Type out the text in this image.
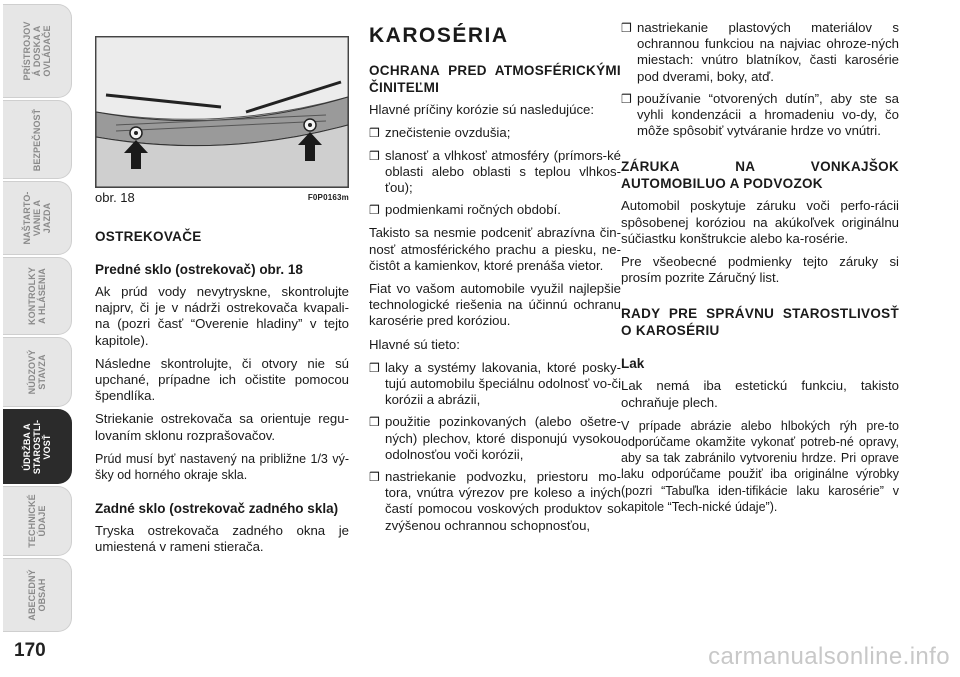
PRÍSTROJOV
Á DOSKA A
OVLÁDAČE
BEZPEČNOSŤ
NAŠTARTO-
VANIE A
JAZDA
KONTROLKY
A HLÁSENIA
NÚDZOVÝ
STAVZA
ÚDRŽBA A
STAROSTLI-
VOSŤ
TECHNICKÉ
ÚDAJE
ABECEDNÝ
OBSAH
170
obr. 18	F0P0163m
OSTREKOVAČE
Predné sklo (ostrekovač) obr. 18

Ak prúd vody nevytryskne, skontrolujte najprv, či je v nádrži ostrekovača kvapali-na (pozri časť “Overenie hladiny” v tejto kapitole).

Následne skontrolujte, či otvory nie sú upchané, prípadne ich očistite pomocou špendlíka.

Striekanie ostrekovača sa orientuje regu-lovaním sklonu rozprašovačov.

Prúd musí byť nastavený na približne 1/3 vý-šky od horného okraje skla.

Zadné sklo (ostrekovač zadného skla)

Tryska ostrekovača zadného okna je umiestená v rameni stierača.

KAROSÉRIA
OCHRANA PRED ATMOSFÉRICKÝMI ČINITEĽMI

Hlavné príčiny korózie sú nasledujúce:

❒ znečistenie ovzdušia;
❒ slanosť a vlhkosť atmosféry (prímors-ké oblasti alebo oblasti s teplou vlhkos-ťou);
❒ podmienkami ročných období.

Takisto sa nesmie podceniť abrazívna čin-nosť atmosférického prachu a piesku, ne-čistôt a kamienkov, ktoré prenáša vietor.

Fiat vo vašom automobile využil najlepšie technologické riešenia na účinnú ochranu karosérie pred koróziou.

Hlavné sú tieto:

❒ laky a systémy lakovania, ktoré posky-tujú automobilu špeciálnu odolnosť vo-či korózii a abrázii,
❒ použitie pozinkovaných (alebo ošetre-ných) plechov, ktoré disponujú vysokou odolnosťou voči korózii,
❒ nastriekanie podvozku, priestoru mo-tora, vnútra výrezov pre koleso a iných častí pomocou voskových produktov so zvýšenou ochrannou schopnosťou,
❒ nastriekanie plastových materiálov s ochrannou funkciou na najviac ohroze-ných miestach: vnútro blatníkov, časti karosérie pod dverami, boky, atď.
❒ používanie “otvorených dutín”, aby ste sa vyhli kondenzácii a hromadeniu vo-dy, čo môže spôsobiť vytváranie hrdze vo vnútri.
ZÁRUKA NA VONKAJŠOK AUTOMOBILUO A PODVOZOK

Automobil poskytuje záruku voči perfo-rácii spôsobenej koróziou na akúkoľvek originálnu súčiastku konštrukcie alebo ka-rosérie.

Pre všeobecné podmienky tejto záruky si prosím pozrite Záručný list.

RADY PRE SPRÁVNU STAROSTLIVOSŤ O KAROSÉRIU
Lak

Lak nemá iba estetickú funkciu, takisto ochraňuje plech.

V prípade abrázie alebo hlbokých rýh pre-to odporúčame okamžite vykonať potreb-né opravy, aby sa tak zabránilo vytvoreniu hrdze. Pri oprave laku odporúčame použiť iba originálne výrobky (pozri “Tabuľka iden-tifikácie laku karosérie” v kapitole “Tech-nické údaje”).

carmanualsonline.info
